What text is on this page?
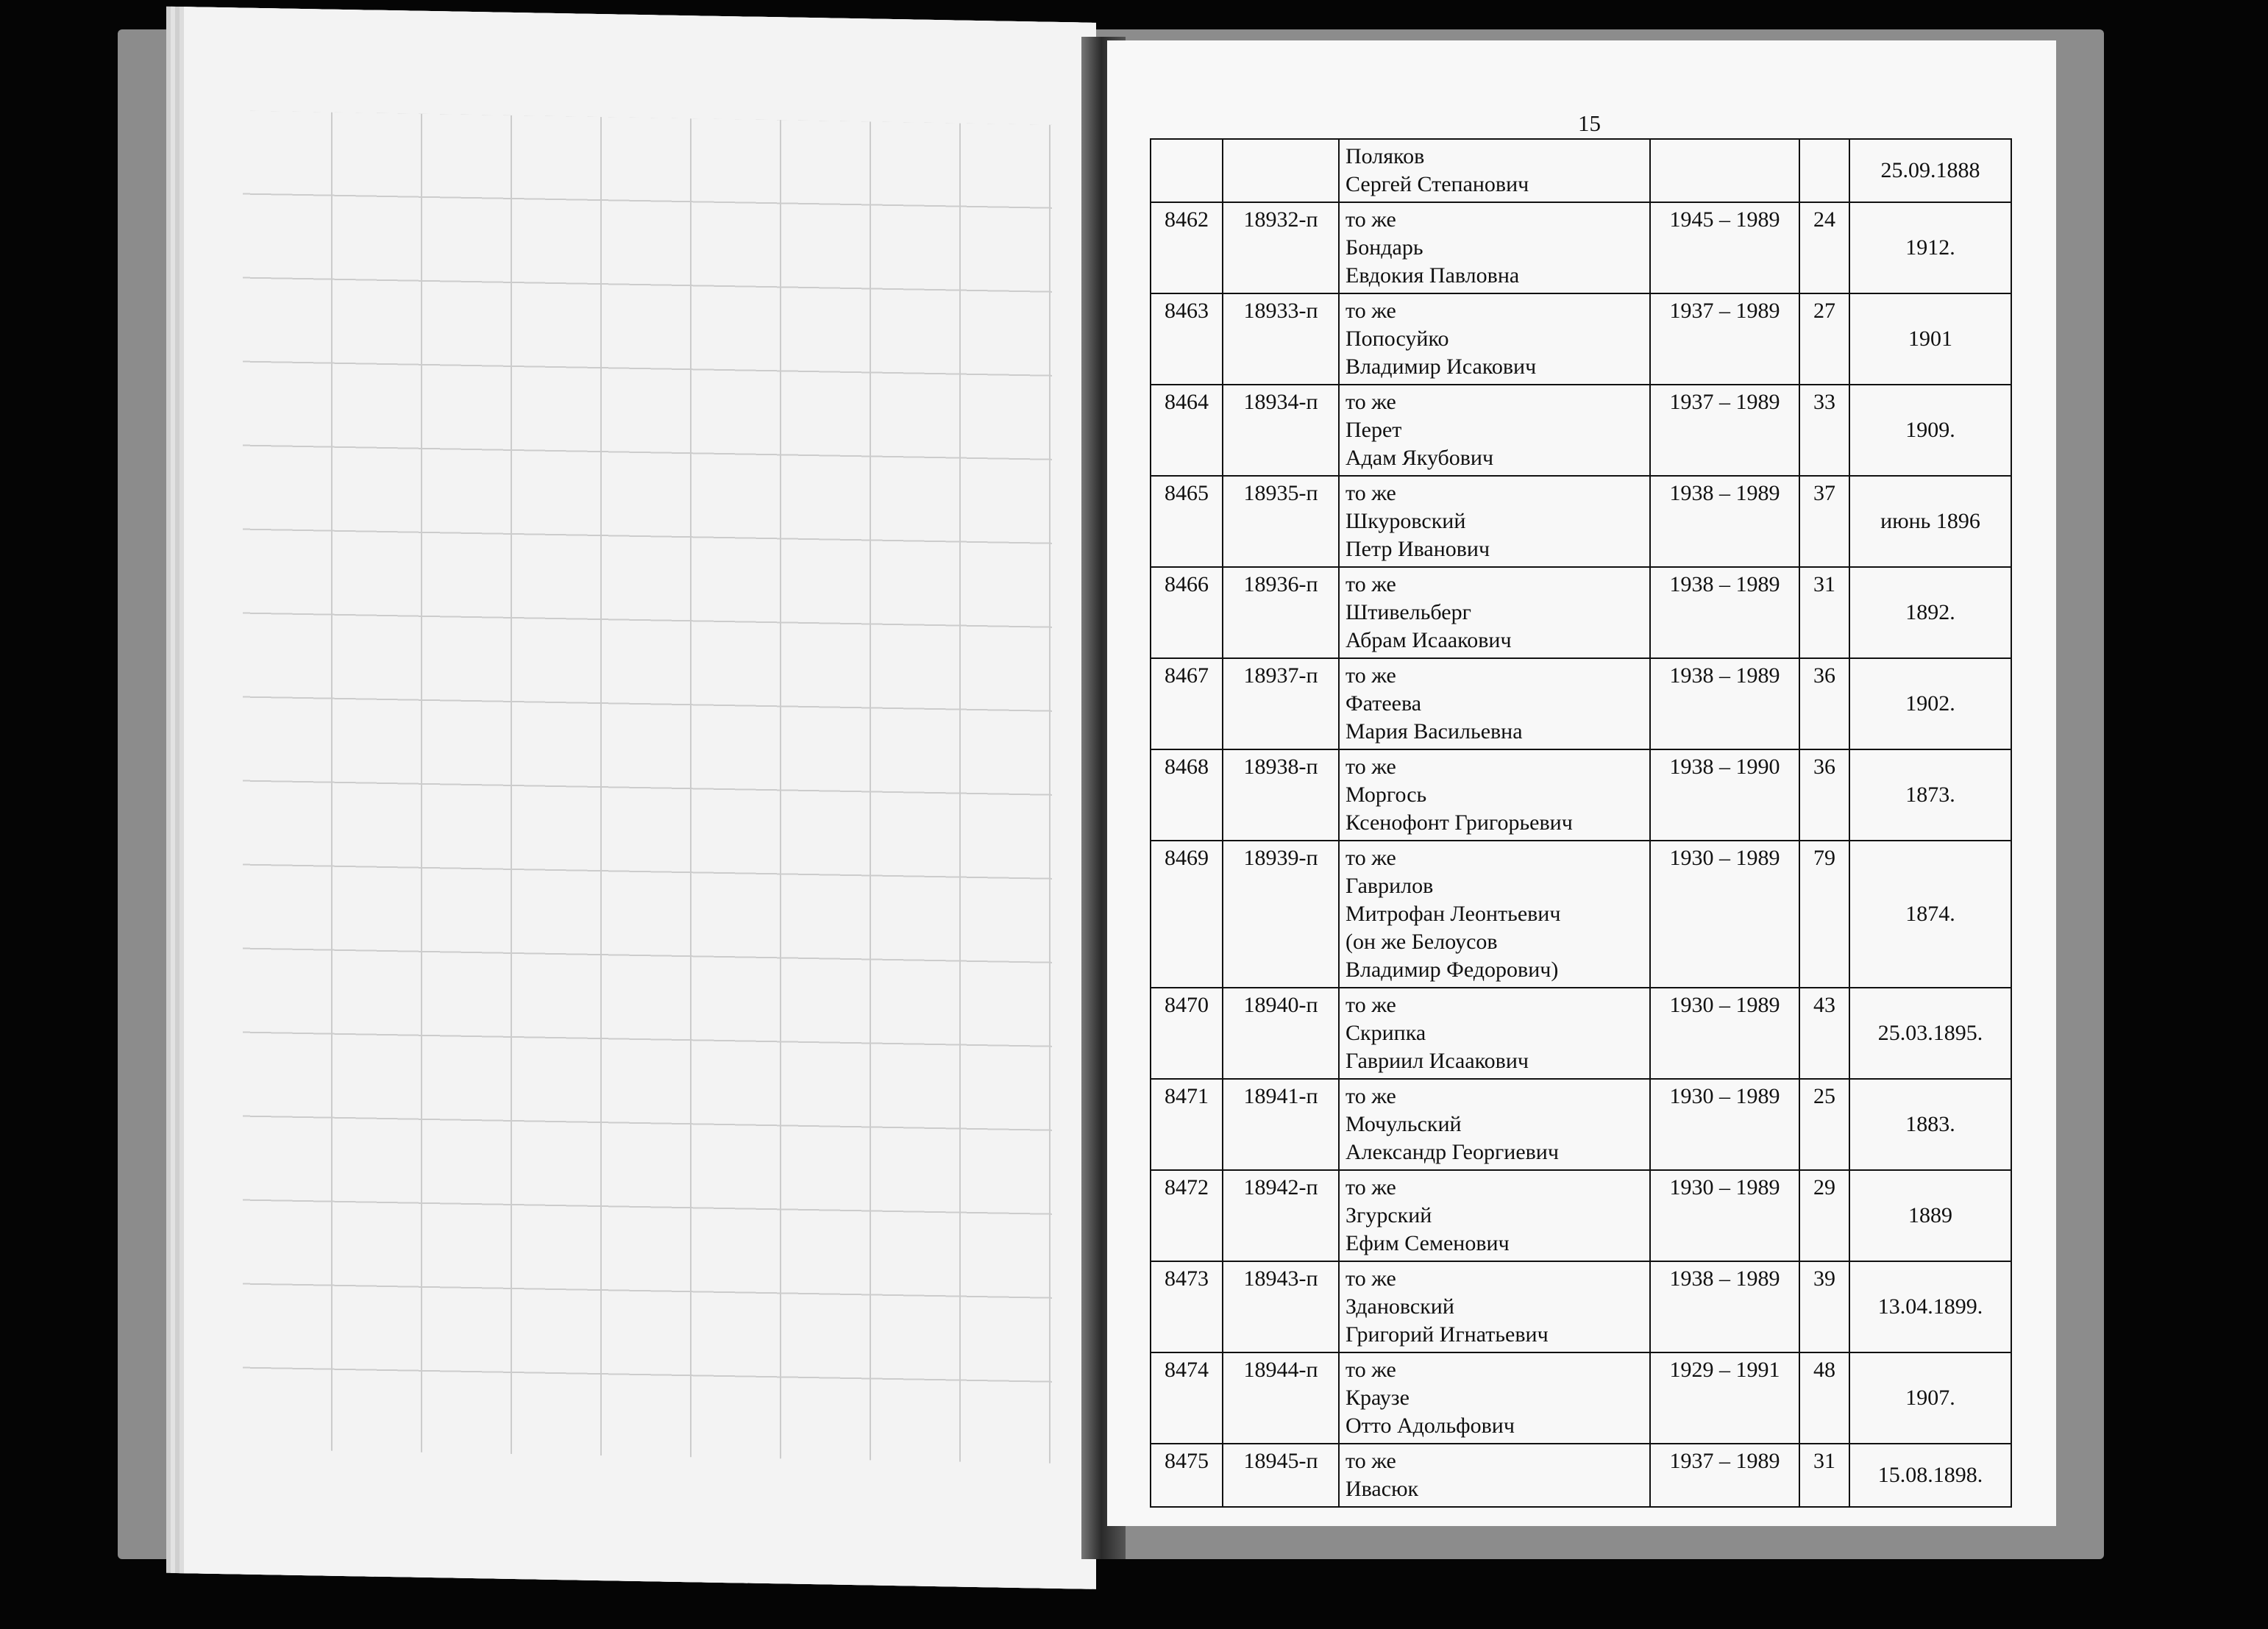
15

		Поляков
Сергей Степанович			25.09.1888
8462	18932-п	то же
Бондарь
Евдокия Павловна	1945 – 1989	24	1912.
8463	18933-п	то же
Попосуйко
Владимир Исакович	1937 – 1989	27	1901
8464	18934-п	то же
Перет
Адам Якубович	1937 – 1989	33	1909.
8465	18935-п	то же
Шкуровский
Петр Иванович	1938 – 1989	37	июнь 1896
8466	18936-п	то же
Штивельберг
Абрам Исаакович	1938 – 1989	31	1892.
8467	18937-п	то же
Фатеева
Мария Васильевна	1938 – 1989	36	1902.
8468	18938-п	то же
Моргось
Ксенофонт Григорьевич	1938 – 1990	36	1873.
8469	18939-п	то же
Гаврилов
Митрофан Леонтьевич
(он же Белоусов
Владимир Федорович)	1930 – 1989	79	1874.
8470	18940-п	то же
Скрипка
Гавриил Исаакович	1930 – 1989	43	25.03.1895.
8471	18941-п	то же
Мочульский
Александр Георгиевич	1930 – 1989	25	1883.
8472	18942-п	то же
Згурский
Ефим Семенович	1930 – 1989	29	1889
8473	18943-п	то же
Здановский
Григорий Игнатьевич	1938 – 1989	39	13.04.1899.
8474	18944-п	то же
Краузе
Отто Адольфович	1929 – 1991	48	1907.
8475	18945-п	то же
Ивасюк	1937 – 1989	31	15.08.1898.
